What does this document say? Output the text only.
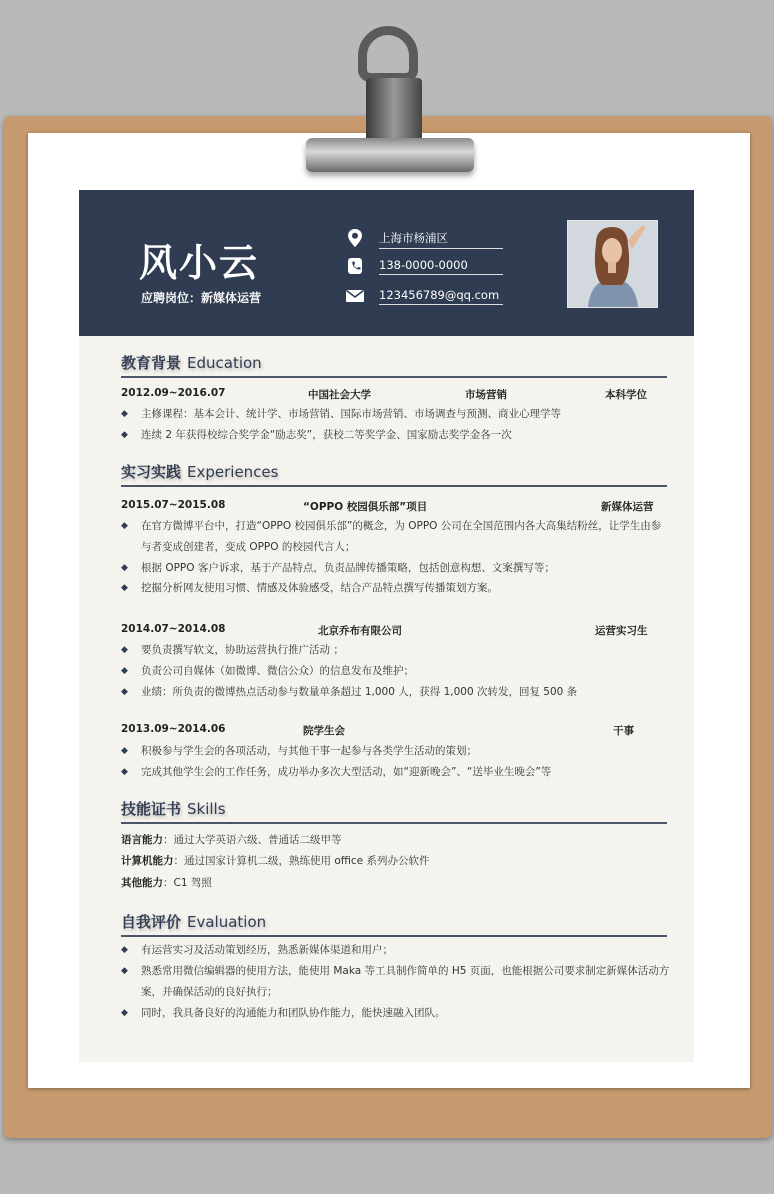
风小云
应聘岗位：新媒体运营
上海市杨浦区
138-0000-0000
123456789@qq.com
教育背景 Education
2012.09~2016.07	中国社会大学	市场营销	本科学位
◆ 主修课程：基本会计、统计学、市场营销、国际市场营销、市场调查与预测、商业心理学等
◆ 连续 2 年获得校综合奖学金“励志奖”，获校二等奖学金、国家励志奖学金各一次
实习实践 Experiences
2015.07~2015.08	“OPPO 校园俱乐部”项目	新媒体运营
◆ 在官方微博平台中，打造“OPPO 校园俱乐部”的概念，为 OPPO 公司在全国范围内各大高集结粉丝，让学生由参与者变成创建者，变成 OPPO 的校园代言人；
◆ 根据 OPPO 客户诉求，基于产品特点，负责品牌传播策略，包括创意构想、文案撰写等；
◆ 挖掘分析网友使用习惯、情感及体验感受，结合产品特点撰写传播策划方案。
2014.07~2014.08	北京乔布有限公司	运营实习生
◆ 要负责撰写软文，协助运营执行推广活动 ；
◆ 负责公司自媒体（如微博、微信公众）的信息发布及维护；
◆ 业绩：所负责的微博热点活动参与数量单条超过 1,000 人，获得 1,000 次转发，回复 500 条
2013.09~2014.06	院学生会	干事
◆ 积极参与学生会的各项活动，与其他干事一起参与各类学生活动的策划；
◆ 完成其他学生会的工作任务，成功举办多次大型活动，如“迎新晚会”、“送毕业生晚会”等
技能证书 Skills
语言能力：通过大学英语六级、普通话二级甲等
计算机能力：通过国家计算机二级，熟练使用 office 系列办公软件
其他能力：C1 驾照
自我评价 Evaluation
◆ 有运营实习及活动策划经历，熟悉新媒体渠道和用户；
◆ 熟悉常用微信编辑器的使用方法，能使用 Maka 等工具制作简单的 H5 页面，也能根据公司要求制定新媒体活动方案，并确保活动的良好执行；
◆ 同时，我具备良好的沟通能力和团队协作能力，能快速融入团队。
